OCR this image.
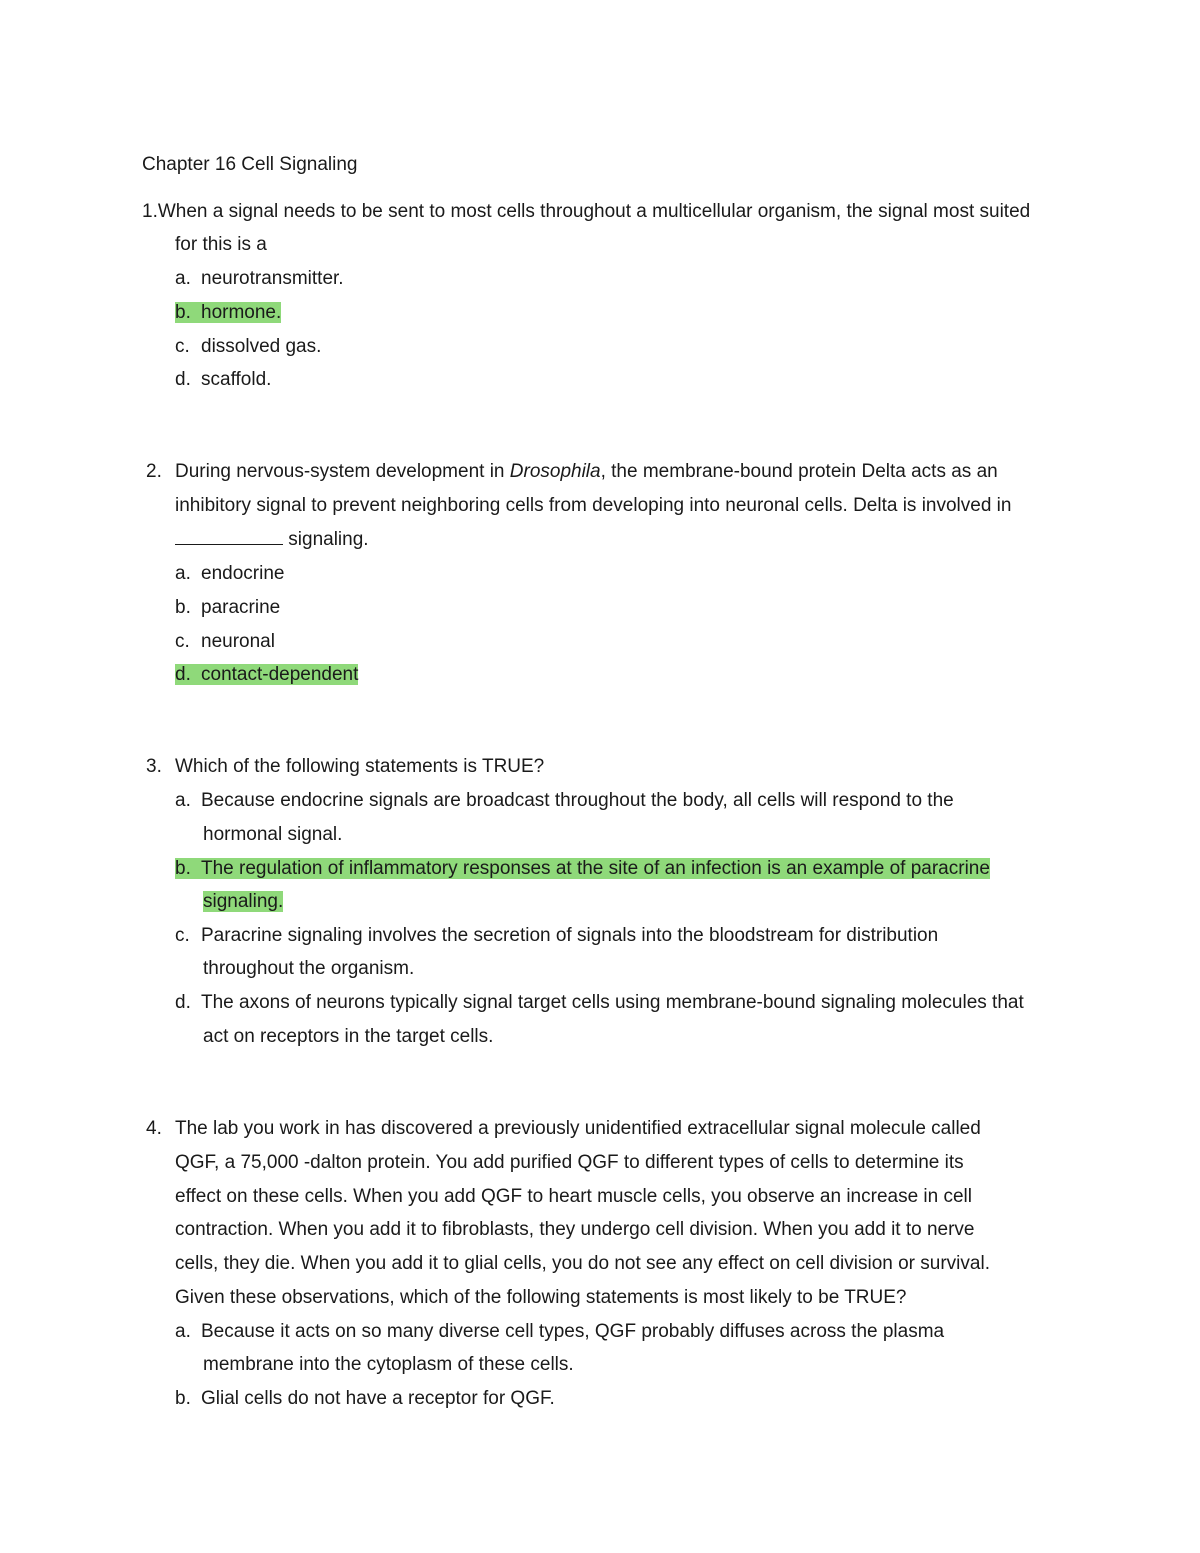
Chapter 16 Cell Signaling
1.When a signal needs to be sent to most cells throughout a multicellular organism, the signal most suited
for this is a
a. neurotransmitter.
b. hormone.
c. dissolved gas.
d. scaffold.
2. During nervous-system development in Drosophila, the membrane-bound protein Delta acts as an
inhibitory signal to prevent neighboring cells from developing into neuronal cells. Delta is involved in
signaling.
a. endocrine
b. paracrine
c. neuronal
d. contact-dependent
3. Which of the following statements is TRUE?
a. Because endocrine signals are broadcast throughout the body, all cells will respond to the
hormonal signal.
b. The regulation of inflammatory responses at the site of an infection is an example of paracrine
signaling.
c. Paracrine signaling involves the secretion of signals into the bloodstream for distribution
throughout the organism.
d. The axons of neurons typically signal target cells using membrane-bound signaling molecules that
act on receptors in the target cells.
4. The lab you work in has discovered a previously unidentified extracellular signal molecule called
QGF, a 75,000 -dalton protein. You add purified QGF to different types of cells to determine its
effect on these cells. When you add QGF to heart muscle cells, you observe an increase in cell
contraction. When you add it to fibroblasts, they undergo cell division. When you add it to nerve
cells, they die. When you add it to glial cells, you do not see any effect on cell division or survival.
Given these observations, which of the following statements is most likely to be TRUE?
a. Because it acts on so many diverse cell types, QGF probably diffuses across the plasma
membrane into the cytoplasm of these cells.
b. Glial cells do not have a receptor for QGF.
